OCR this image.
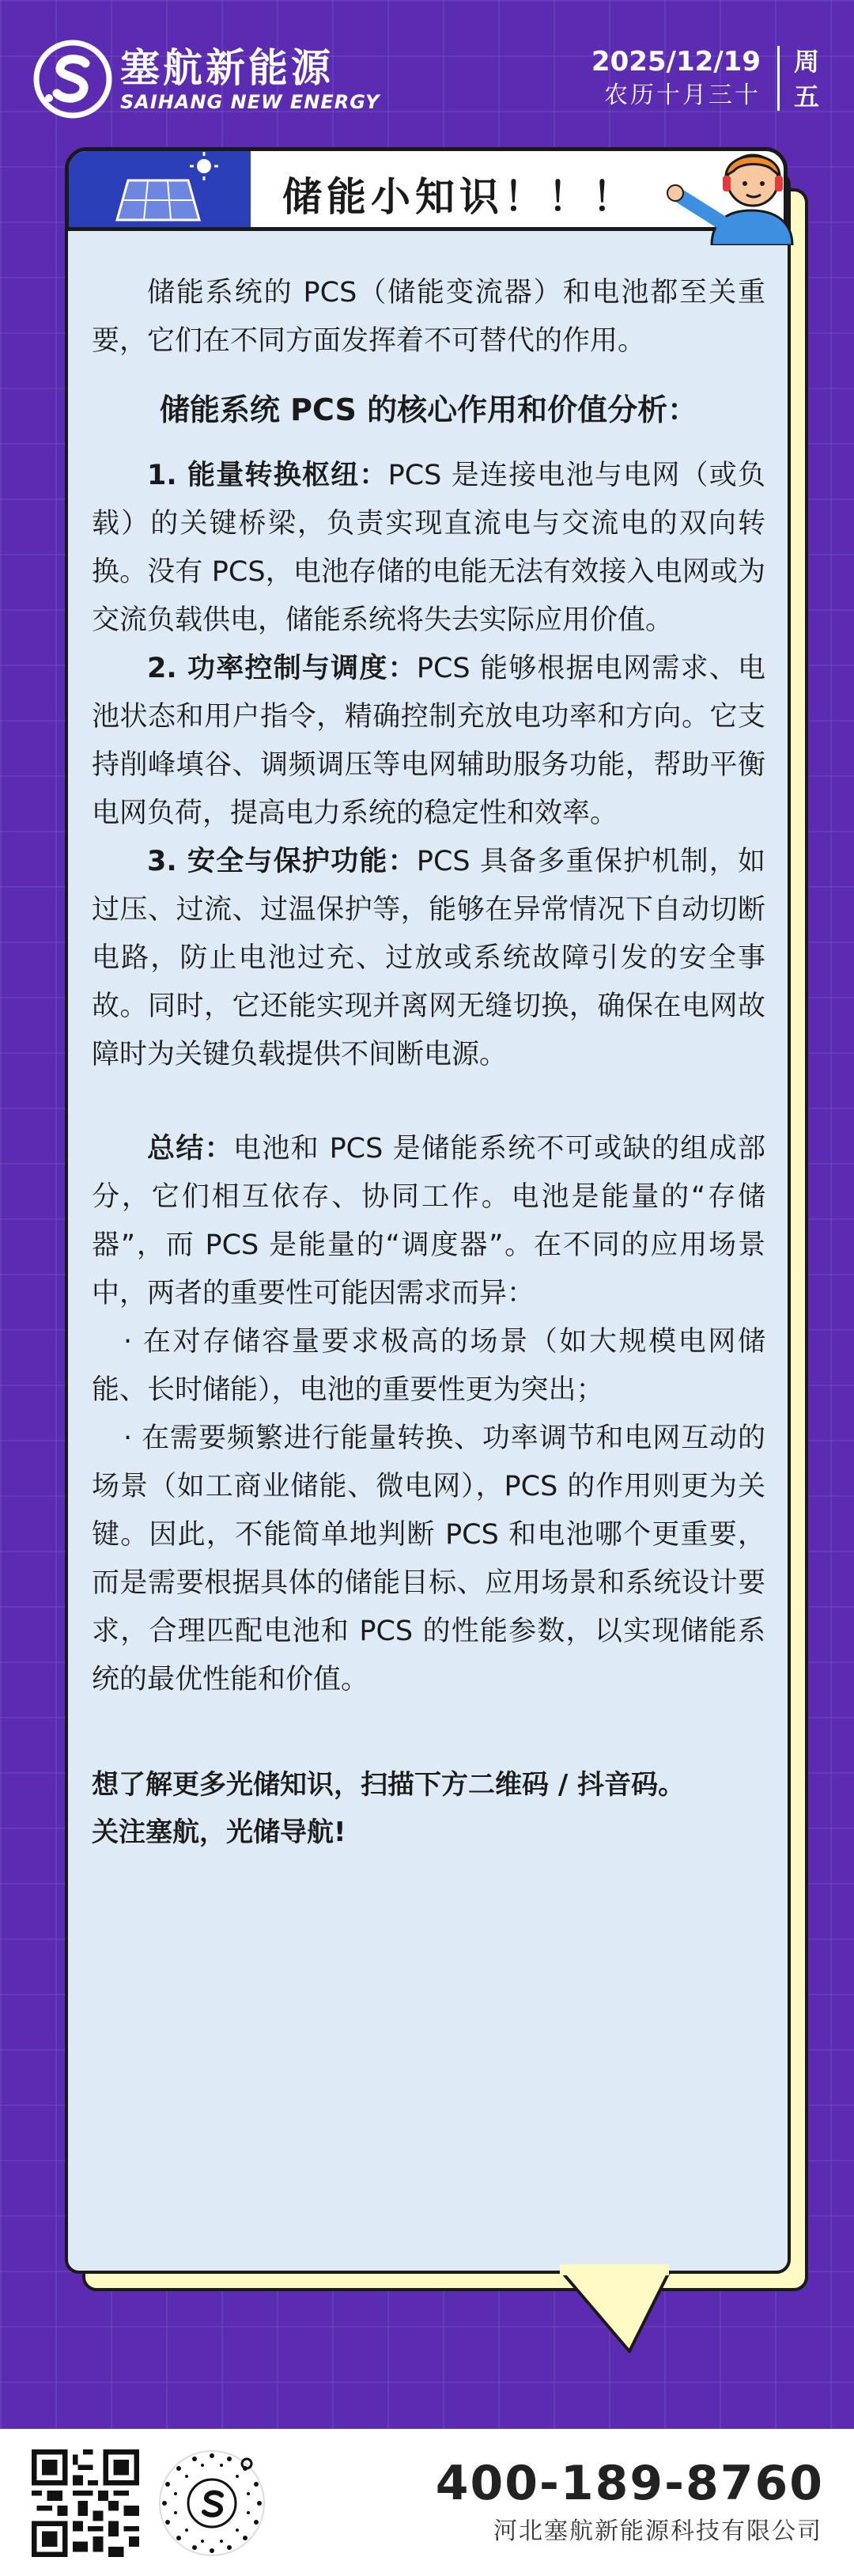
塞航新能源
SAIHANG NEW ENERGY
2025/12/19
农历十月三十
周
五
储能小知识！！！

储能系统的 PCS（储能变流器）和电池都至关重要，它们在不同方面发挥着不可替代的作用。

储能系统 PCS 的核心作用和价值分析：

1. 能量转换枢纽：PCS 是连接电池与电网（或负载）的关键桥梁，负责实现直流电与交流电的双向转换。没有 PCS，电池存储的电能无法有效接入电网或为交流负载供电，储能系统将失去实际应用价值。

2. 功率控制与调度：PCS 能够根据电网需求、电池状态和用户指令，精确控制充放电功率和方向。它支持削峰填谷、调频调压等电网辅助服务功能，帮助平衡电网负荷，提高电力系统的稳定性和效率。

3. 安全与保护功能：PCS 具备多重保护机制，如过压、过流、过温保护等，能够在异常情况下自动切断电路，防止电池过充、过放或系统故障引发的安全事故。同时，它还能实现并离网无缝切换，确保在电网故障时为关键负载提供不间断电源。

总结：电池和 PCS 是储能系统不可或缺的组成部分，它们相互依存、协同工作。电池是能量的“存储器”，而 PCS 是能量的“调度器”。在不同的应用场景中，两者的重要性可能因需求而异：

· 在对存储容量要求极高的场景（如大规模电网储能、长时储能），电池的重要性更为突出；

· 在需要频繁进行能量转换、功率调节和电网互动的场景（如工商业储能、微电网），PCS 的作用则更为关键。因此，不能简单地判断 PCS 和电池哪个更重要，而是需要根据具体的储能目标、应用场景和系统设计要求，合理匹配电池和 PCS 的性能参数，以实现储能系统的最优性能和价值。

想了解更多光储知识，扫描下方二维码 / 抖音码。

关注塞航，光储导航!

400-189-8760
河北塞航新能源科技有限公司
